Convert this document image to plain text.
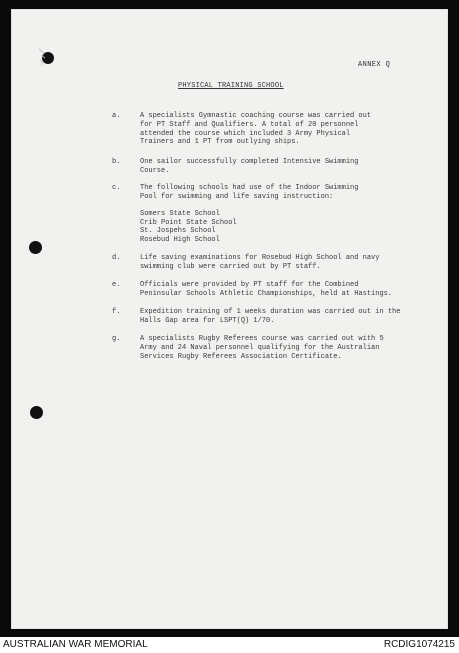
ANNEX Q
PHYSICAL TRAINING SCHOOL
a.	A specialists Gymnastic coaching course was carried out
for PT Staff and Qualifiers. A total of 20 personnel
attended the course which included 3 Army Physical
Trainers and 1 PT from outlying ships.
b.	One sailor successfully completed Intensive Swimming
Course.
c.	The following schools had use of the Indoor Swimming
Pool for swimming and life saving instruction:
Somers State School
Crib Point State School
St. Jospehs School
Rosebud High School
d.	Life saving examinations for Rosebud High School and navy
swimming club were carried out by PT staff.
e.	Officials were provided by PT staff for the Combined
Peninsular Schools Athletic Championships, held at Hastings.
f.	Expedition training of 1 weeks duration was carried out in the
Halls Gap area for LSPT(Q) 1/70.
g.	A specialists Rugby Referees course was carried out with 5
Army and 24 Naval personnel qualifying for the Australian
Services Rugby Referees Association Certificate.
AUSTRALIAN WAR MEMORIAL	RCDIG1074215
